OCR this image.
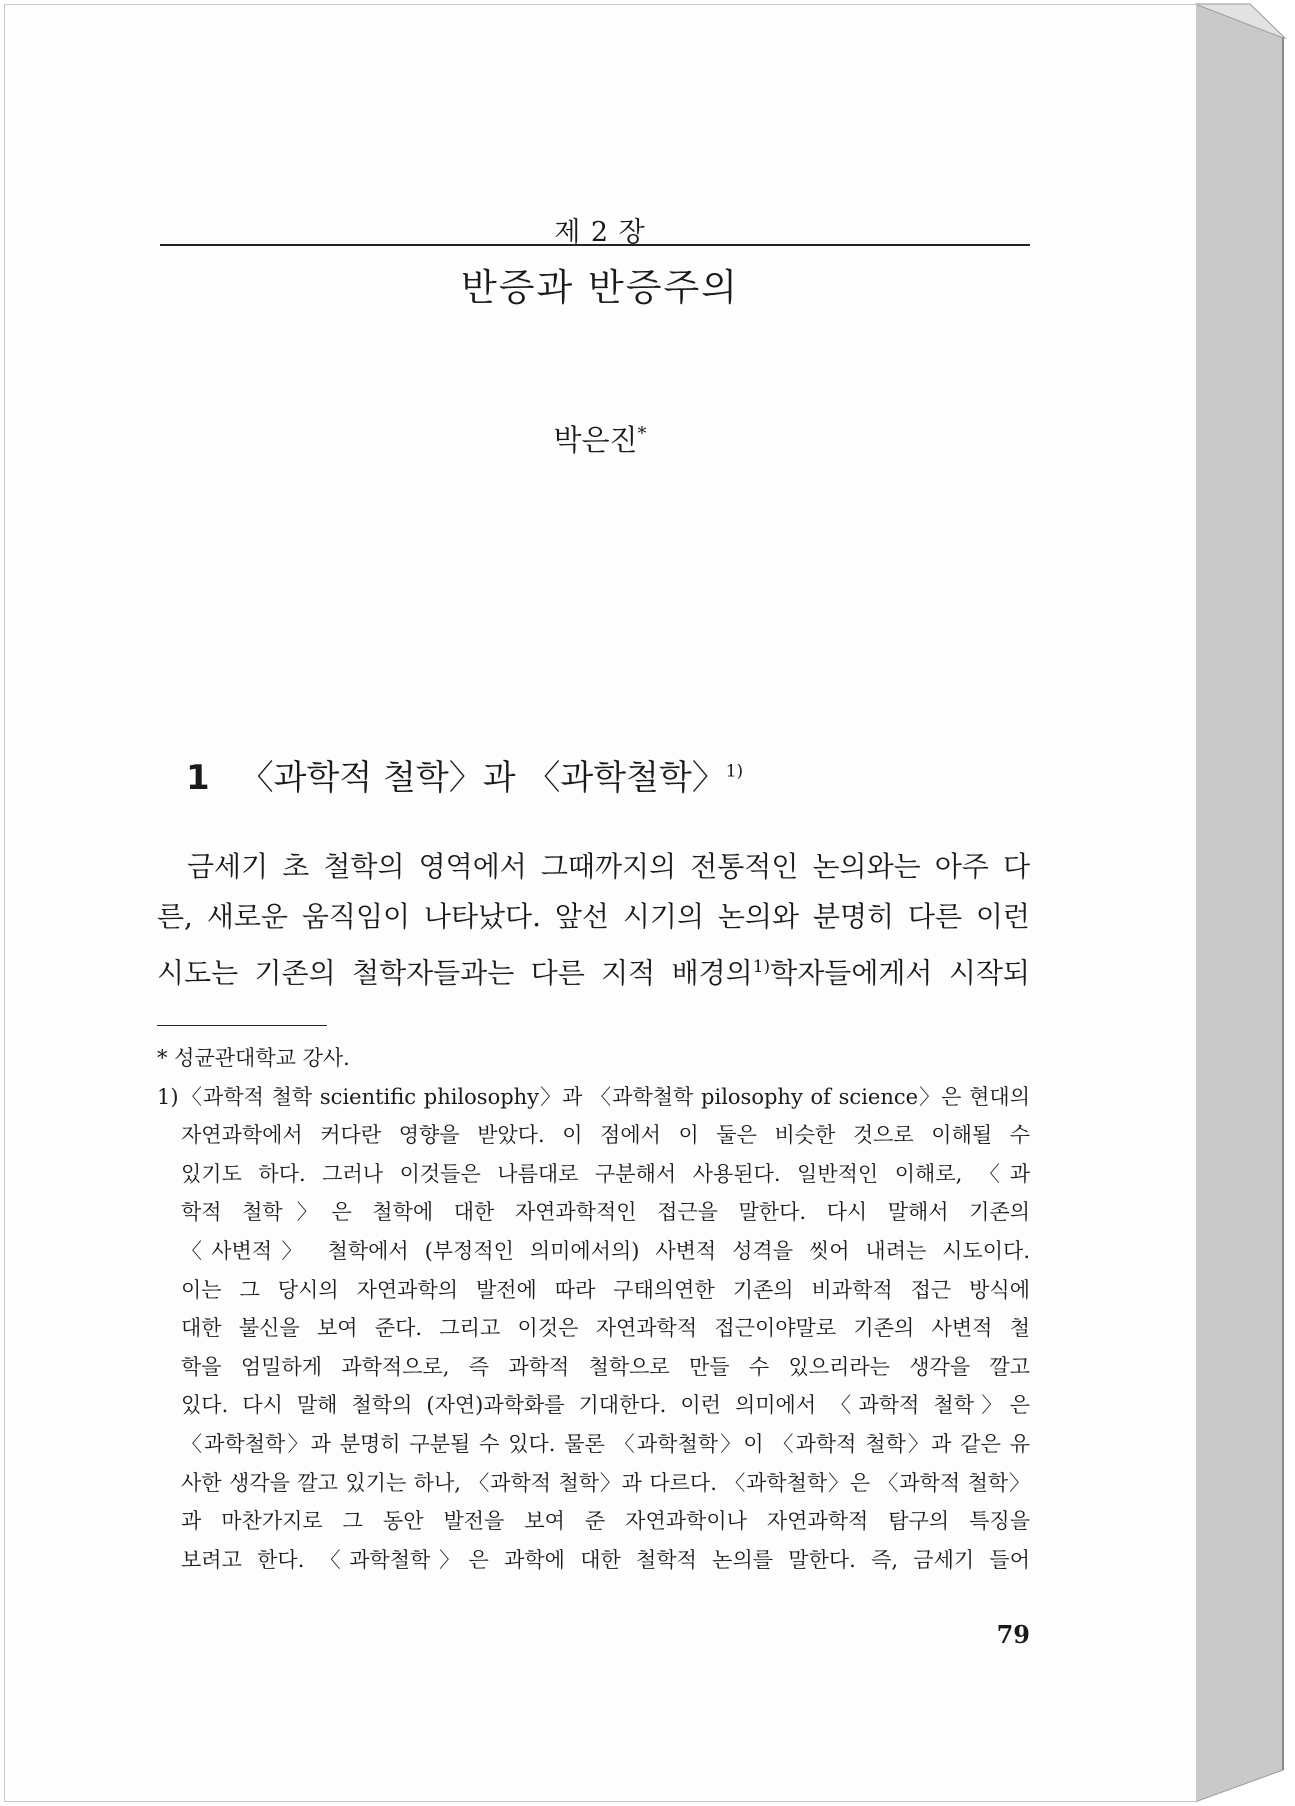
제 2 장
반증과 반증주의
박은진*
1 〈과학적 철학〉과 〈과학철학〉$^{1)}$
금세기 초 철학의 영역에서 그때까지의 전통적인 논의와는 아주 다
른, 새로운 움직임이 나타났다. 앞선 시기의 논의와 분명히 다른 이런
시도는 기존의 철학자들과는 다른 지적 배경의$^{1)}$학자들에게서 시작되
* 성균관대학교 강사.
1) 〈과학적 철학 scientific philosophy〉과 〈과학철학 pilosophy of science〉은 현대의
자연과학에서 커다란 영향을 받았다. 이 점에서 이 둘은 비슷한 것으로 이해될 수
있기도 하다. 그러나 이것들은 나름대로 구분해서 사용된다. 일반적인 이해로, 〈과
학적 철학〉은 철학에 대한 자연과학적인 접근을 말한다. 다시 말해서 기존의
〈사변적〉 철학에서 (부정적인 의미에서의) 사변적 성격을 씻어 내려는 시도이다.
이는 그 당시의 자연과학의 발전에 따라 구태의연한 기존의 비과학적 접근 방식에
대한 불신을 보여 준다. 그리고 이것은 자연과학적 접근이야말로 기존의 사변적 철
학을 엄밀하게 과학적으로, 즉 과학적 철학으로 만들 수 있으리라는 생각을 깔고
있다. 다시 말해 철학의 (자연)과학화를 기대한다. 이런 의미에서 〈과학적 철학〉은
〈과학철학〉과 분명히 구분될 수 있다. 물론 〈과학철학〉이 〈과학적 철학〉과 같은 유
사한 생각을 깔고 있기는 하나, 〈과학적 철학〉과 다르다. 〈과학철학〉은 〈과학적 철학〉
과 마찬가지로 그 동안 발전을 보여 준 자연과학이나 자연과학적 탐구의 특징을
보려고 한다. 〈과학철학〉은 과학에 대한 철학적 논의를 말한다. 즉, 금세기 들어
79
